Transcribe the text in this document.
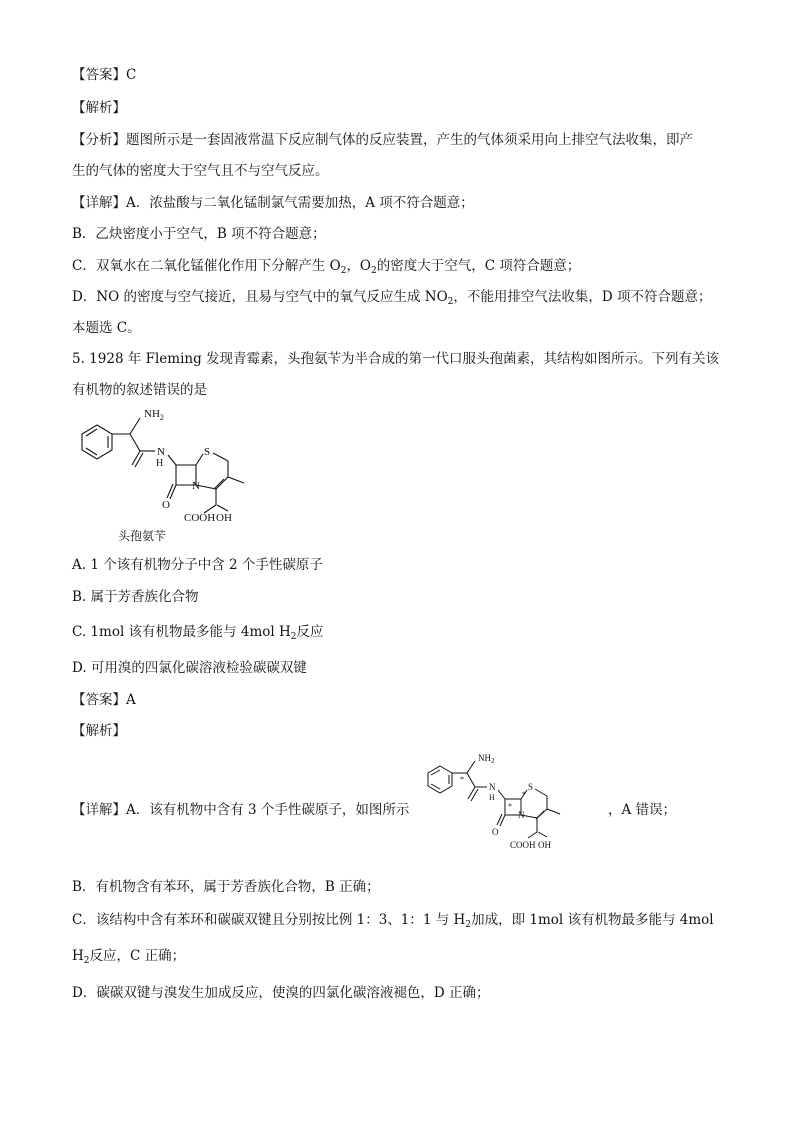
【答案】C
【解析】
【分析】题图所示是一套固液常温下反应制气体的反应装置，产生的气体须采用向上排空气法收集，即产
生的气体的密度大于空气且不与空气反应。
【详解】A．浓盐酸与二氧化锰制氯气需要加热，A 项不符合题意；
B．乙炔密度小于空气，B 项不符合题意；
C．双氧水在二氧化锰催化作用下分解产生 $O_2$，$O_2$的密度大于空气，C 项符合题意；
D．NO 的密度与空气接近，且易与空气中的氧气反应生成 $NO_2$，不能用排空气法收集，D 项不符合题意；
本题选 C。
5. 1928 年 Fleming 发现青霉素，头孢氨苄为半合成的第一代口服头孢菌素，其结构如图所示。下列有关该
有机物的叙述错误的是
$NH_2$
N
H
S
N
O
COOH OH
头孢氨苄
A. 1 个该有机物分子中含 2 个手性碳原子
B. 属于芳香族化合物
C. 1mol 该有机物最多能与 4mol $H_2$反应
D. 可用溴的四氯化碳溶液检验碳碳双键
【答案】A
【解析】
【详解】A．该有机物中含有 3 个手性碳原子，如图所示
$NH_2$
*
N
H
*
S
*
N
O
COOH OH
，A 错误；
B．有机物含有苯环，属于芳香族化合物，B 正确；
C．该结构中含有苯环和碳碳双键且分别按比例 1：3、1：1 与 $H_2$加成，即 1mol 该有机物最多能与 4mol
$H_2$反应，C 正确；
D．碳碳双键与溴发生加成反应，使溴的四氯化碳溶液褪色，D 正确；
